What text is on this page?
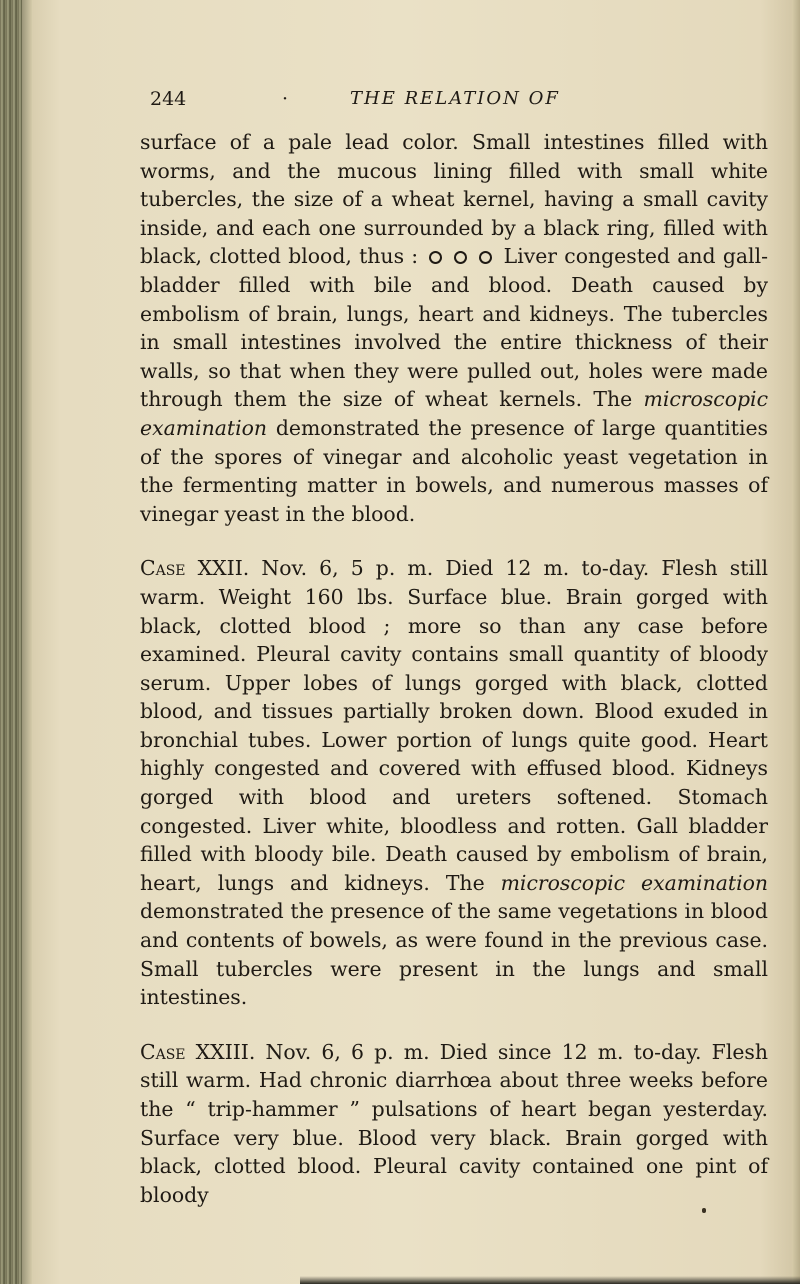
244	·	THE RELATION OF

surface of a pale lead color. Small intestines filled with worms, and the mucous lining filled with small white tubercles, the size of a wheat kernel, having a small cavity inside, and each one surrounded by a black ring, filled with black, clotted blood, thus :	Liver congested and gall-bladder filled with bile and blood. Death caused by embolism of brain, lungs, heart and kidneys. The tubercles in small intestines involved the entire thickness of their walls, so that when they were pulled out, holes were made through them the size of wheat kernels. The microscopic examination demonstrated the presence of large quantities of the spores of vinegar and alcoholic yeast vegetation in the fermenting matter in bowels, and numerous masses of vinegar yeast in the blood.

Case XXII. Nov. 6, 5 p. m. Died 12 m. to-day. Flesh still warm. Weight 160 lbs. Surface blue. Brain gorged with black, clotted blood ; more so than any case before examined. Pleural cavity contains small quantity of bloody serum. Upper lobes of lungs gorged with black, clotted blood, and tissues partially broken down. Blood exuded in bronchial tubes. Lower portion of lungs quite good. Heart highly congested and covered with effused blood. Kidneys gorged with blood and ureters softened. Stomach congested. Liver white, bloodless and rotten. Gall bladder filled with bloody bile. Death caused by embolism of brain, heart, lungs and kidneys. The microscopic examination demonstrated the presence of the same vegetations in blood and contents of bowels, as were found in the previous case. Small tubercles were present in the lungs and small intestines.

Case XXIII. Nov. 6, 6 p. m. Died since 12 m. to-day. Flesh still warm. Had chronic diarrhœa about three weeks before the “ trip-hammer ” pulsations of heart began yesterday. Surface very blue. Blood very black. Brain gorged with black, clotted blood. Pleural cavity contained one pint of bloody
